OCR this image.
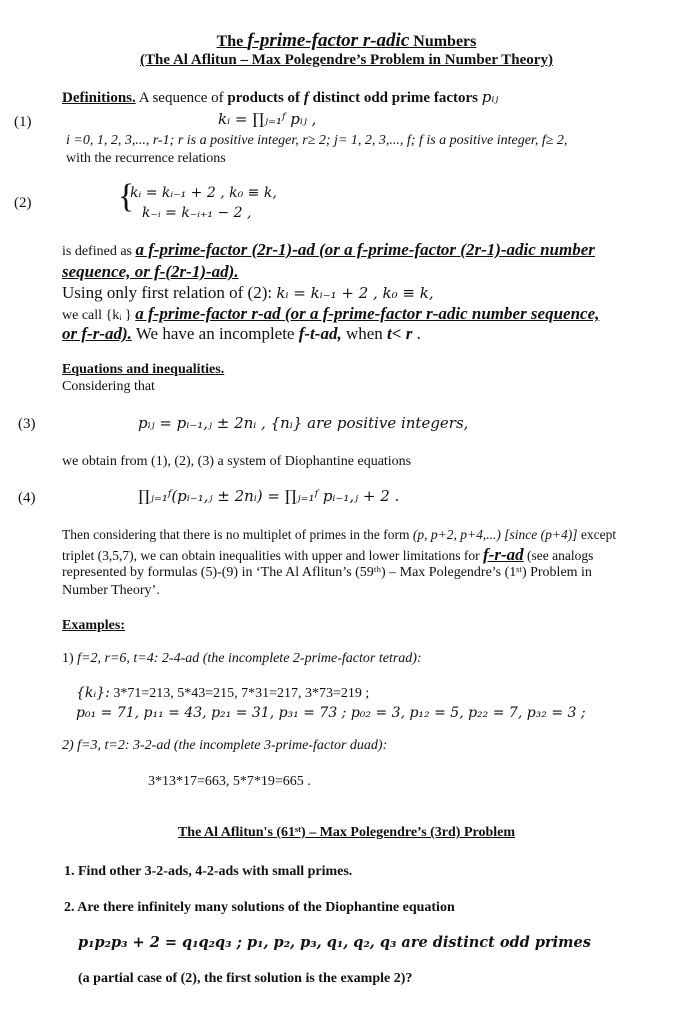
The f-prime-factor r-adic Numbers
(The Al Aflitun – Max Polegendre’s Problem in Number Theory)
Definitions. A sequence of products of f distinct odd prime factors pᵢⱼ
(1)	kᵢ = ∏ⱼ₌₁ᶠ pᵢⱼ ,
i =0, 1, 2, 3,..., r-1; r is a positive integer, r≥ 2; j= 1, 2, 3,..., f; f is a positive integer, f≥ 2,
with the recurrence relations
(2)	{
kᵢ = kᵢ₋₁ + 2 , k₀ ≡ k,
k₋ᵢ = k₋ᵢ₊₁ − 2 ,
is defined as a f-prime-factor (2r-1)-ad (or a f-prime-factor (2r-1)-adic number
sequence, or f-(2r-1)-ad).
Using only first relation of (2): kᵢ = kᵢ₋₁ + 2 , k₀ ≡ k,
we call {kᵢ } a f-prime-factor r-ad (or a f-prime-factor r-adic number sequence,
or f-r-ad). We have an incomplete f-t-ad, when t< r .
Equations and inequalities.
Considering that
(3)	pᵢⱼ = pᵢ₋₁,ⱼ ± 2nᵢ , {nᵢ} are positive integers,
we obtain from (1), (2), (3) a system of Diophantine equations
(4)	∏ⱼ₌₁ᶠ(pᵢ₋₁,ⱼ ± 2nᵢ) = ∏ⱼ₌₁ᶠ pᵢ₋₁,ⱼ + 2 .
Then considering that there is no multiplet of primes in the form (p, p+2, p+4,...) [since (p+4)] except
triplet (3,5,7), we can obtain inequalities with upper and lower limitations for f-r-ad (see analogs
represented by formulas (5)-(9) in ‘The Al Aflitun’s (59ᵗʰ) – Max Polegendre’s (1ˢᵗ) Problem in
Number Theory’.
Examples:
1) f=2, r=6, t=4: 2-4-ad (the incomplete 2-prime-factor tetrad):
{kᵢ}: 3*71=213, 5*43=215, 7*31=217, 3*73=219 ;
p₀₁ = 71, p₁₁ = 43, p₂₁ = 31, p₃₁ = 73 ; p₀₂ = 3, p₁₂ = 5, p₂₂ = 7, p₃₂ = 3 ;
2) f=3, t=2: 3-2-ad (the incomplete 3-prime-factor duad):
3*13*17=663, 5*7*19=665 .
The Al Aflitun's (61ˢᵗ) – Max Polegendre’s (3rd) Problem
1. Find other 3-2-ads, 4-2-ads with small primes.
2. Are there infinitely many solutions of the Diophantine equation
p₁p₂p₃ + 2 = q₁q₂q₃ ; p₁, p₂, p₃, q₁, q₂, q₃ are distinct odd primes
(a partial case of (2), the first solution is the example 2)?
